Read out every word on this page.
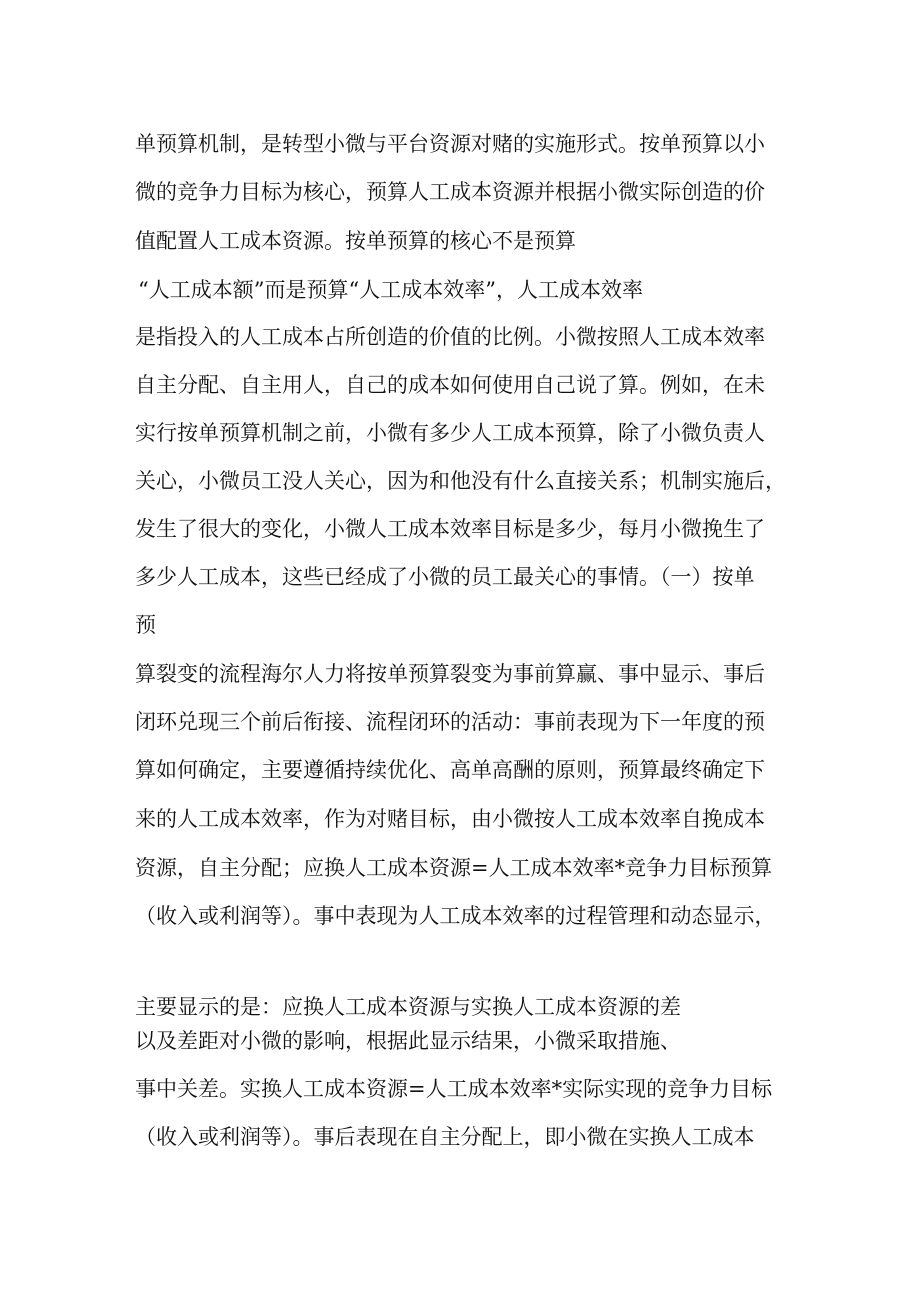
单预算机制，是转型小微与平台资源对赌的实施形式。按单预算以小

微的竞争力目标为核心，预算人工成本资源并根据小微实际创造的价

值配置人工成本资源。按单预算的核心不是预算

“人工成本额”而是预算“人工成本效率”，人工成本效率

是指投入的人工成本占所创造的价值的比例。小微按照人工成本效率

自主分配、自主用人，自己的成本如何使用自己说了算。例如，在未

实行按单预算机制之前，小微有多少人工成本预算，除了小微负责人

关心，小微员工没人关心，因为和他没有什么直接关系；机制实施后，

发生了很大的变化，小微人工成本效率目标是多少，每月小微挽生了

多少人工成本，这些已经成了小微的员工最关心的事情。（一）按单

预

算裂变的流程海尔人力将按单预算裂变为事前算赢、事中显示、事后

闭环兑现三个前后衔接、流程闭环的活动：事前表现为下一年度的预

算如何确定，主要遵循持续优化、高单高酬的原则，预算最终确定下

来的人工成本效率，作为对赌目标，由小微按人工成本效率自挽成本

资源，自主分配；应换人工成本资源=人工成本效率*竞争力目标预算

（收入或利润等）。事中表现为人工成本效率的过程管理和动态显示，

主要显示的是：应换人工成本资源与实换人工成本资源的差

以及差距对小微的影响，根据此显示结果，小微采取措施、

事中关差。实换人工成本资源=人工成本效率*实际实现的竞争力目标

（收入或利润等）。事后表现在自主分配上，即小微在实换人工成本
